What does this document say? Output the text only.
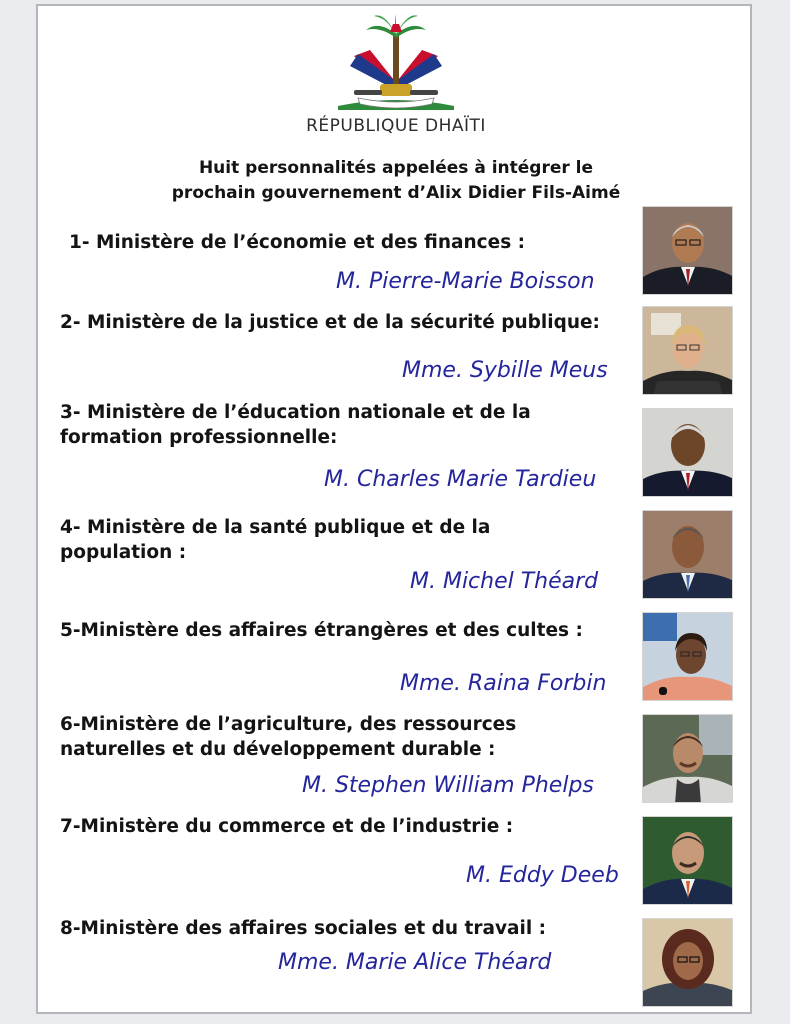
RÉPUBLIQUE DHAÏTI
Huit personnalités appelées à intégrer le
prochain gouvernement d’Alix Didier Fils-Aimé
1- Ministère de l’économie et des finances :
M. Pierre-Marie Boisson
2- Ministère de la justice et de la sécurité publique:
Mme. Sybille Meus
3- Ministère de l’éducation nationale et de la
formation professionnelle:
M. Charles Marie Tardieu
4- Ministère de la santé publique et de la
population :
M. Michel Théard
5-Ministère des affaires étrangères et des cultes :
Mme. Raina Forbin
6-Ministère de l’agriculture, des ressources
naturelles et du développement durable :
M. Stephen William Phelps
7-Ministère du commerce et de l’industrie :
M. Eddy Deeb
8-Ministère des affaires sociales et du travail :
Mme. Marie Alice Théard
